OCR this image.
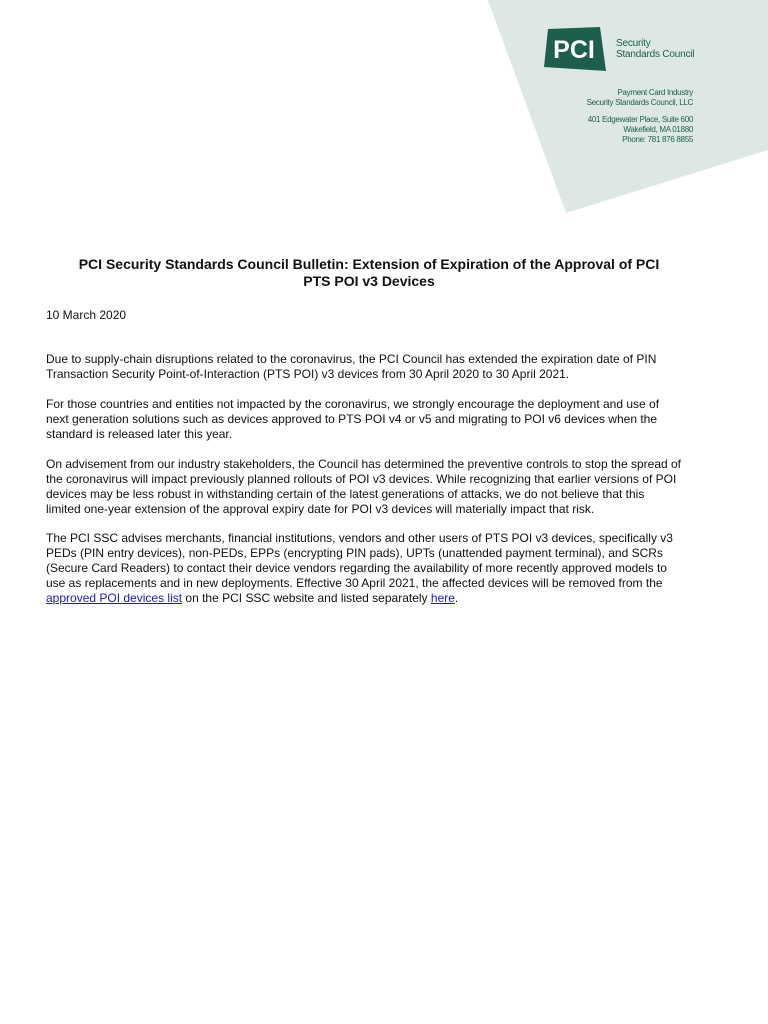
PCI Security
Standards Council
Payment Card Industry
Security Standards Council, LLC
401 Edgewater Place, Suite 600
Wakefield, MA 01880
Phone: 781 876 8855
PCI Security Standards Council Bulletin: Extension of Expiration of the Approval of PCI
PTS POI v3 Devices
10 March 2020
Due to supply-chain disruptions related to the coronavirus, the PCI Council has extended the expiration date of PIN
Transaction Security Point-of-Interaction (PTS POI) v3 devices from 30 April 2020 to 30 April 2021.
For those countries and entities not impacted by the coronavirus, we strongly encourage the deployment and use of
next generation solutions such as devices approved to PTS POI v4 or v5 and migrating to POI v6 devices when the
standard is released later this year.
On advisement from our industry stakeholders, the Council has determined the preventive controls to stop the spread of
the coronavirus will impact previously planned rollouts of POI v3 devices. While recognizing that earlier versions of POI
devices may be less robust in withstanding certain of the latest generations of attacks, we do not believe that this
limited one-year extension of the approval expiry date for POI v3 devices will materially impact that risk.
The PCI SSC advises merchants, financial institutions, vendors and other users of PTS POI v3 devices, specifically v3
PEDs (PIN entry devices), non-PEDs, EPPs (encrypting PIN pads), UPTs (unattended payment terminal), and SCRs
(Secure Card Readers) to contact their device vendors regarding the availability of more recently approved models to
use as replacements and in new deployments. Effective 30 April 2021, the affected devices will be removed from the
approved POI devices list on the PCI SSC website and listed separately here.
